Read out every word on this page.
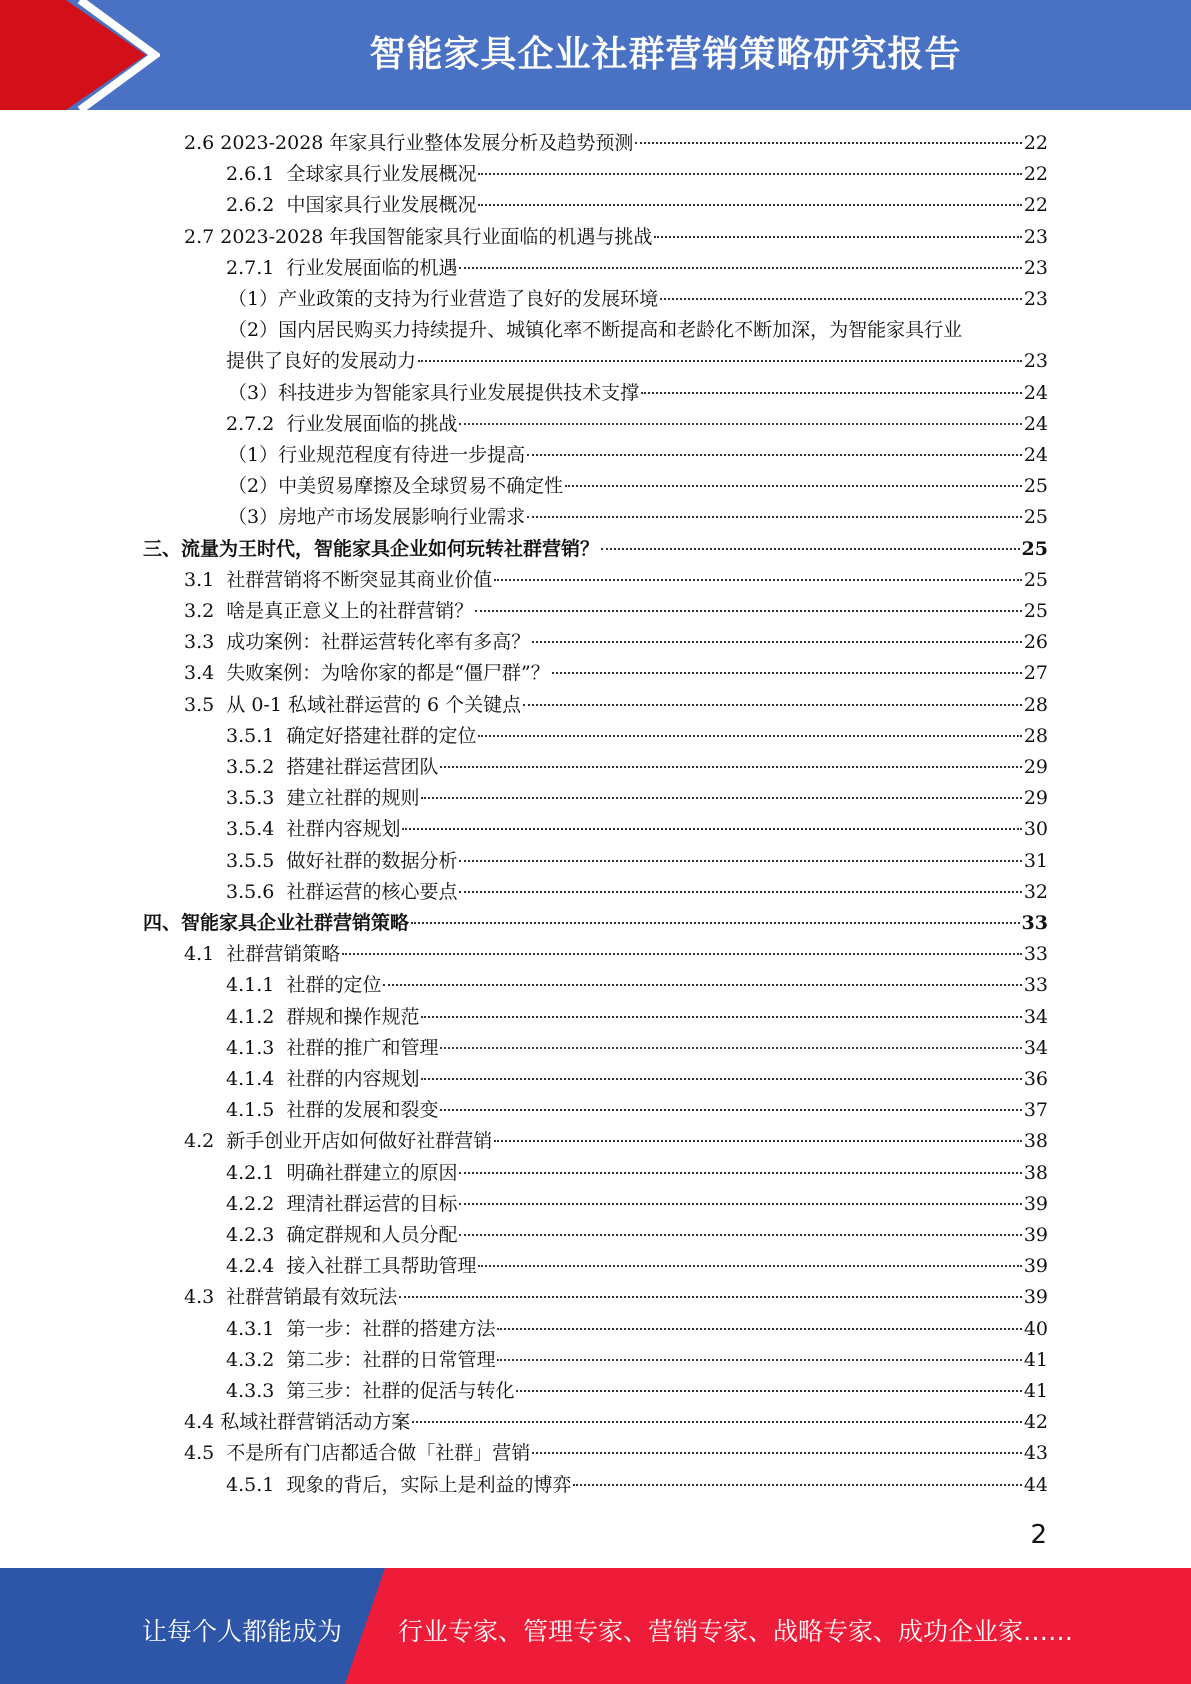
智能家具企业社群营销策略研究报告
2.6 2023-2028 年家具行业整体发展分析及趋势预测	22
2.6.1 全球家具行业发展概况	22
2.6.2 中国家具行业发展概况	22
2.7 2023-2028 年我国智能家具行业面临的机遇与挑战	23
2.7.1 行业发展面临的机遇	23
（1）产业政策的支持为行业营造了良好的发展环境	23
（2）国内居民购买力持续提升、城镇化率不断提高和老龄化不断加深，为智能家具行业
提供了良好的发展动力	23
（3）科技进步为智能家具行业发展提供技术支撑	24
2.7.2 行业发展面临的挑战	24
（1）行业规范程度有待进一步提高	24
（2）中美贸易摩擦及全球贸易不确定性	25
（3）房地产市场发展影响行业需求	25
三、流量为王时代，智能家具企业如何玩转社群营销？	25
3.1 社群营销将不断突显其商业价值	25
3.2 啥是真正意义上的社群营销？	25
3.3 成功案例：社群运营转化率有多高？	26
3.4 失败案例：为啥你家的都是“僵尸群”？	27
3.5 从 0-1 私域社群运营的 6 个关键点	28
3.5.1 确定好搭建社群的定位	28
3.5.2 搭建社群运营团队	29
3.5.3 建立社群的规则	29
3.5.4 社群内容规划	30
3.5.5 做好社群的数据分析	31
3.5.6 社群运营的核心要点	32
四、智能家具企业社群营销策略	33
4.1 社群营销策略	33
4.1.1 社群的定位	33
4.1.2 群规和操作规范	34
4.1.3 社群的推广和管理	34
4.1.4 社群的内容规划	36
4.1.5 社群的发展和裂变	37
4.2 新手创业开店如何做好社群营销	38
4.2.1 明确社群建立的原因	38
4.2.2 理清社群运营的目标	39
4.2.3 确定群规和人员分配	39
4.2.4 接入社群工具帮助管理	39
4.3 社群营销最有效玩法	39
4.3.1 第一步：社群的搭建方法	40
4.3.2 第二步：社群的日常管理	41
4.3.3 第三步：社群的促活与转化	41
4.4 私域社群营销活动方案	42
4.5 不是所有门店都适合做「社群」营销	43
4.5.1 现象的背后，实际上是利益的博弈	44
2
让每个人都能成为 行业专家、管理专家、营销专家、战略专家、成功企业家……
